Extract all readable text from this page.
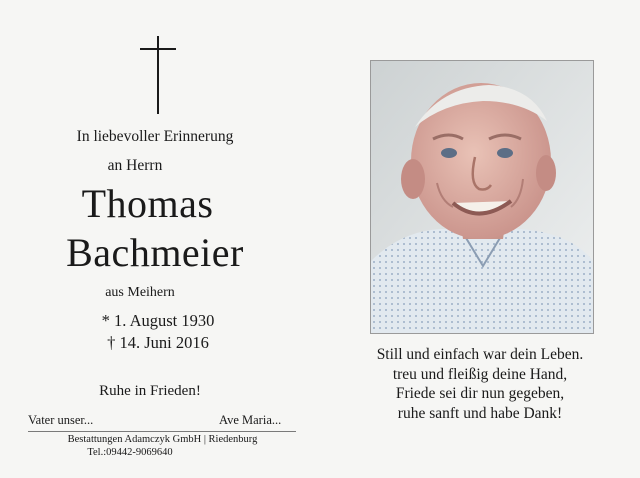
In liebevoller Erinnerung
an Herrn
Thomas
Bachmeier
aus Meihern
* 1. August 1930
† 14. Juni 2016
Ruhe in Frieden!
Vater unser...	Ave Maria...
Bestattungen Adamczyk GmbH | Riedenburg
Tel.:09442-9069640
Still und einfach war dein Leben.
treu und fleißig deine Hand,
Friede sei dir nun gegeben,
ruhe sanft und habe Dank!
